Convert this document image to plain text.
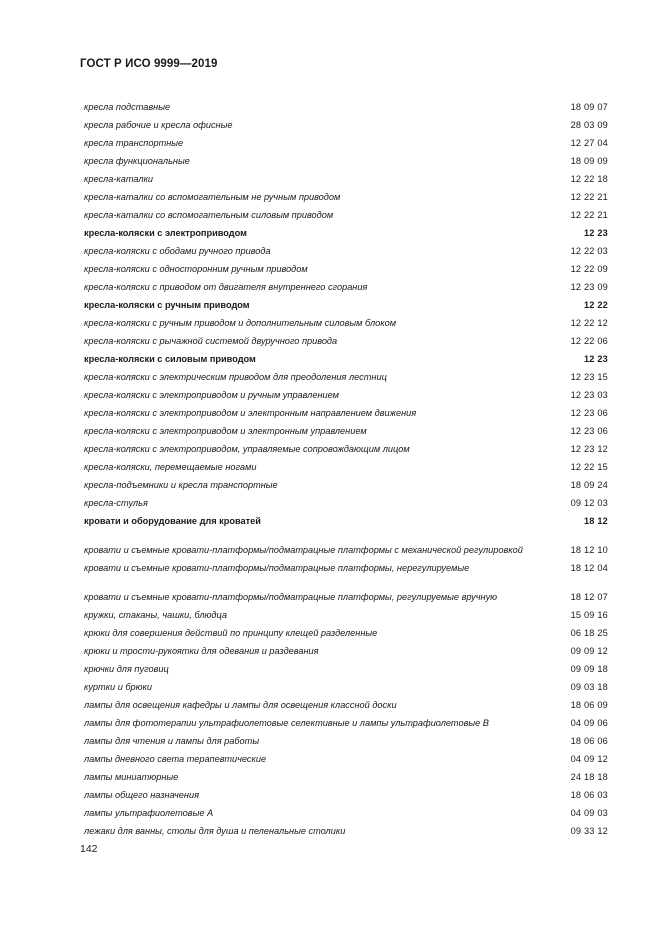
ГОСТ Р ИСО 9999—2019
кресла подставные	18 09 07
кресла рабочие и кресла офисные	28 03 09
кресла транспортные	12 27 04
кресла функциональные	18 09 09
кресла-каталки	12 22 18
кресла-каталки со вспомогательным не ручным приводом	12 22 21
кресла-каталки со вспомогательным силовым приводом	12 22 21
кресла-коляски с электроприводом	12 23
кресла-коляски с ободами ручного привода	12 22 03
кресла-коляски с односторонним ручным приводом	12 22 09
кресла-коляски с приводом от двигателя внутреннего сгорания	12 23 09
кресла-коляски с ручным приводом	12 22
кресла-коляски с ручным приводом и дополнительным силовым блоком	12 22 12
кресла-коляски с рычажной системой двуручного привода	12 22 06
кресла-коляски с силовым приводом	12 23
кресла-коляски с электрическим приводом для преодоления лестниц	12 23 15
кресла-коляски с электроприводом и ручным управлением	12 23 03
кресла-коляски с электроприводом и электронным направлением движения	12 23 06
кресла-коляски с электроприводом и электронным управлением	12 23 06
кресла-коляски с электроприводом, управляемые сопровождающим лицом	12 23 12
кресла-коляски, перемещаемые ногами	12 22 15
кресла-подъемники и кресла транспортные	18 09 24
кресла-стулья	09 12 03
кровати и оборудование для кроватей	18 12
кровати и съемные кровати-платформы/подматрацные платформы с механической регулировкой	18 12 10
кровати и съемные кровати-платформы/подматрацные платформы, нерегулируемые	18 12 04
кровати и съемные кровати-платформы/подматрацные платформы, регулируемые вручную	18 12 07
кружки, стаканы, чашки, блюдца	15 09 16
крюки для совершения действий по принципу клещей разделенные	06 18 25
крюки и трости-рукоятки для одевания и раздевания	09 09 12
крючки для пуговиц	09 09 18
куртки и брюки	09 03 18
лампы для освещения кафедры и лампы для освещения классной доски	18 06 09
лампы для фототерапии ультрафиолетовые селективные и лампы ультрафиолетовые В	04 09 06
лампы для чтения и лампы для работы	18 06 06
лампы дневного света терапевтические	04 09 12
лампы миниатюрные	24 18 18
лампы общего назначения	18 06 03
лампы ультрафиолетовые А	04 09 03
лежаки для ванны, столы для душа и пеленальные столики	09 33 12
142
